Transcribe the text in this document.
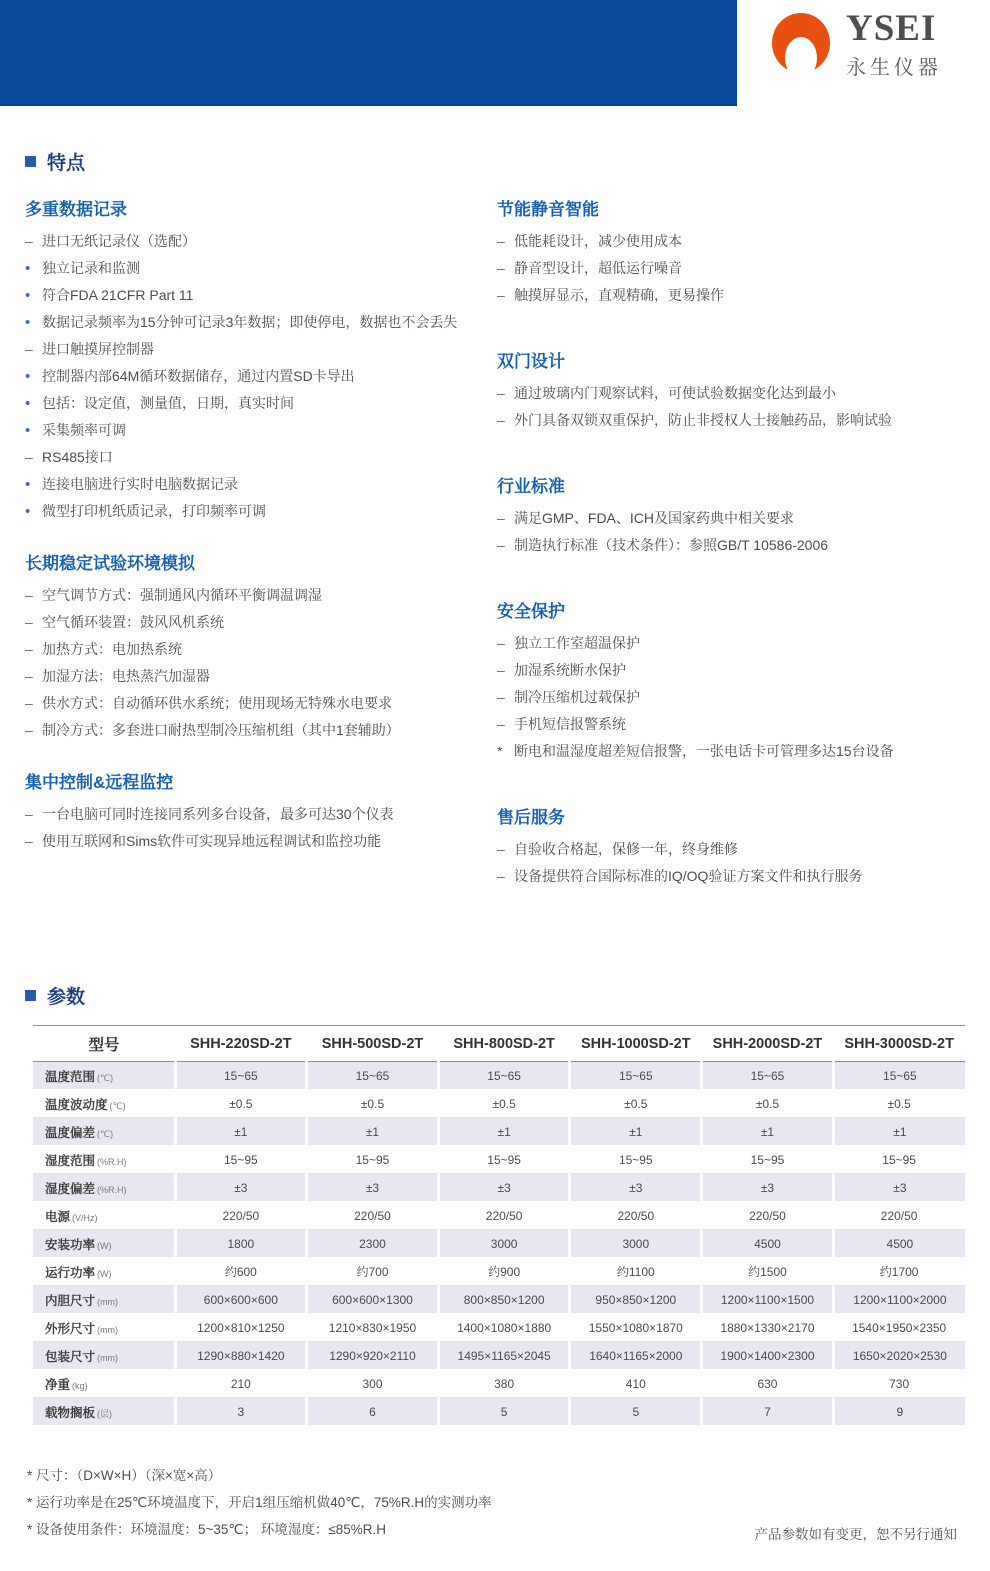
YSEI
永生仪器
特点
多重数据记录
– 进口无纸记录仪（选配）
• 独立记录和监测
• 符合FDA 21CFR Part 11
• 数据记录频率为15分钟可记录3年数据；即使停电，数据也不会丢失
– 进口触摸屏控制器
• 控制器内部64M循环数据储存，通过内置SD卡导出
• 包括：设定值，测量值，日期，真实时间
• 采集频率可调
– RS485接口
• 连接电脑进行实时电脑数据记录
• 微型打印机纸质记录，打印频率可调
长期稳定试验环境模拟
– 空气调节方式：强制通风内循环平衡调温调湿
– 空气循环装置：鼓风风机系统
– 加热方式：电加热系统
– 加湿方法：电热蒸汽加湿器
– 供水方式：自动循环供水系统；使用现场无特殊水电要求
– 制冷方式：多套进口耐热型制冷压缩机组（其中1套辅助）
集中控制&远程监控
– 一台电脑可同时连接同系列多台设备，最多可达30个仪表
– 使用互联网和Sims软件可实现异地远程调试和监控功能
节能静音智能
– 低能耗设计，减少使用成本
– 静音型设计，超低运行噪音
– 触摸屏显示，直观精确，更易操作
双门设计
– 通过玻璃内门观察试料，可使试验数据变化达到最小
– 外门具备双锁双重保护，防止非授权人士接触药品，影响试验
行业标准
– 满足GMP、FDA、ICH及国家药典中相关要求
– 制造执行标准（技术条件）：参照GB/T 10586-2006
安全保护
– 独立工作室超温保护
– 加湿系统断水保护
– 制冷压缩机过载保护
– 手机短信报警系统
* 断电和温湿度超差短信报警，一张电话卡可管理多达15台设备
售后服务
– 自验收合格起，保修一年，终身维修
– 设备提供符合国际标准的IQ/OQ验证方案文件和执行服务
参数
型号	SHH-220SD-2T	SHH-500SD-2T	SHH-800SD-2T	SHH-1000SD-2T	SHH-2000SD-2T	SHH-3000SD-2T
温度范围 (℃)	15~65	15~65	15~65	15~65	15~65	15~65
温度波动度 (℃)	±0.5	±0.5	±0.5	±0.5	±0.5	±0.5
温度偏差 (℃)	±1	±1	±1	±1	±1	±1
湿度范围 (%R.H)	15~95	15~95	15~95	15~95	15~95	15~95
湿度偏差 (%R.H)	±3	±3	±3	±3	±3	±3
电源 (V/Hz)	220/50	220/50	220/50	220/50	220/50	220/50
安装功率 (W)	1800	2300	3000	3000	4500	4500
运行功率 (W)	约600	约700	约900	约1100	约1500	约1700
内胆尺寸 (mm)	600×600×600	600×600×1300	800×850×1200	950×850×1200	1200×1100×1500	1200×1100×2000
外形尺寸 (mm)	1200×810×1250	1210×830×1950	1400×1080×1880	1550×1080×1870	1880×1330×2170	1540×1950×2350
包装尺寸 (mm)	1290×880×1420	1290×920×2110	1495×1165×2045	1640×1165×2000	1900×1400×2300	1650×2020×2530
净重 (kg)	210	300	380	410	630	730
载物搁板 (层)	3	6	5	5	7	9
* 尺寸：（D×W×H）（深×宽×高）
* 运行功率是在25℃环境温度下，开启1组压缩机做40℃，75%R.H的实测功率
* 设备使用条件：环境温度：5~35℃； 环境湿度：≤85%R.H	产品参数如有变更，恕不另行通知
